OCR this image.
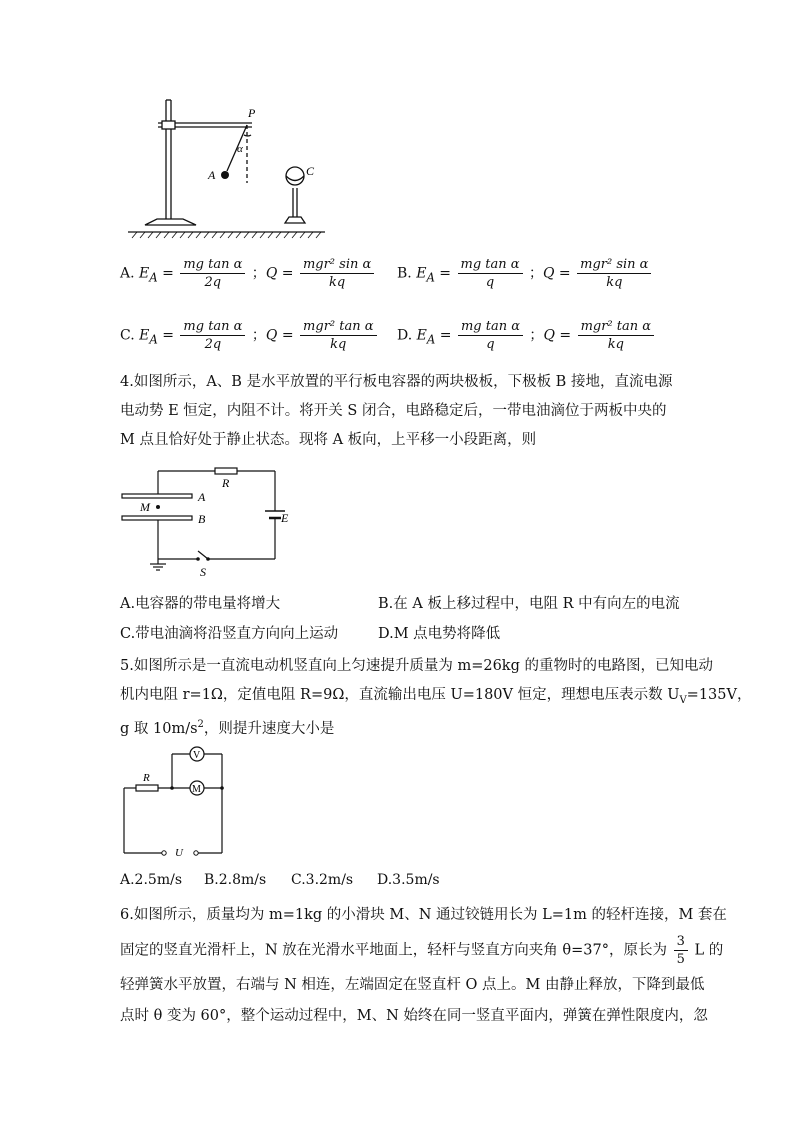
P
α
A	C
A. $E_A = \frac{\text{mg tan α}}{2q}$ ；$Q = \frac{\text{mgr² sin α}}{kq} B$. $E_A = \frac{\text{mg tan α}}{q}$ ；$Q = \frac{\text{mgr² sin α}}{kq}$
C. $E_A = \frac{\text{mg tan α}}{2q}$ ；$Q = \frac{\text{mgr² tan α}}{kq} D$. $E_A = \frac{\text{mg tan α}}{q}$ ；$Q = \frac{\text{mgr² tan α}}{kq}$
4.如图所示，A、B 是水平放置的平行板电容器的两块极板，下极板 B 接地，直流电源电动势 E 恒定，内阻不计。将开关 S 闭合，电路稳定后，一带电油滴位于两板中央的 M 点且恰好处于静止状态。现将 A 板向，上平移一小段距离，则
R
A
B
M
E
S
A.电容器的带电量将增大	B.在 A 板上移过程中，电阻 R 中有向左的电流
C.带电油滴将沿竖直方向向上运动	D.M 点电势将降低
5.如图所示是一直流电动机竖直向上匀速提升质量为 m=26kg 的重物时的电路图，已知电动
机内电阻 r=1Ω，定值电阻 R=9Ω，直流输出电压 U=180V 恒定，理想电压表示数 $U_V=135V$，
g 取 $10m/s^2$，则提升速度大小是
V
M
R
U
A.2.5m/s B.2.8m/s C.3.2m/s D.3.5m/s
6.如图所示，质量均为 m=1kg 的小滑块 M、N 通过铰链用长为 L=1m 的轻杆连接，M 套在
固定的竖直光滑杆上，N 放在光滑水平地面上，轻杆与竖直方向夹角 θ=37°，原长为 $\frac{3}{5}$ L 的
轻弹簧水平放置，右端与 N 相连，左端固定在竖直杆 O 点上。M 由静止释放，下降到最低
点时 θ 变为 60°，整个运动过程中，M、N 始终在同一竖直平面内，弹簧在弹性限度内，忽
